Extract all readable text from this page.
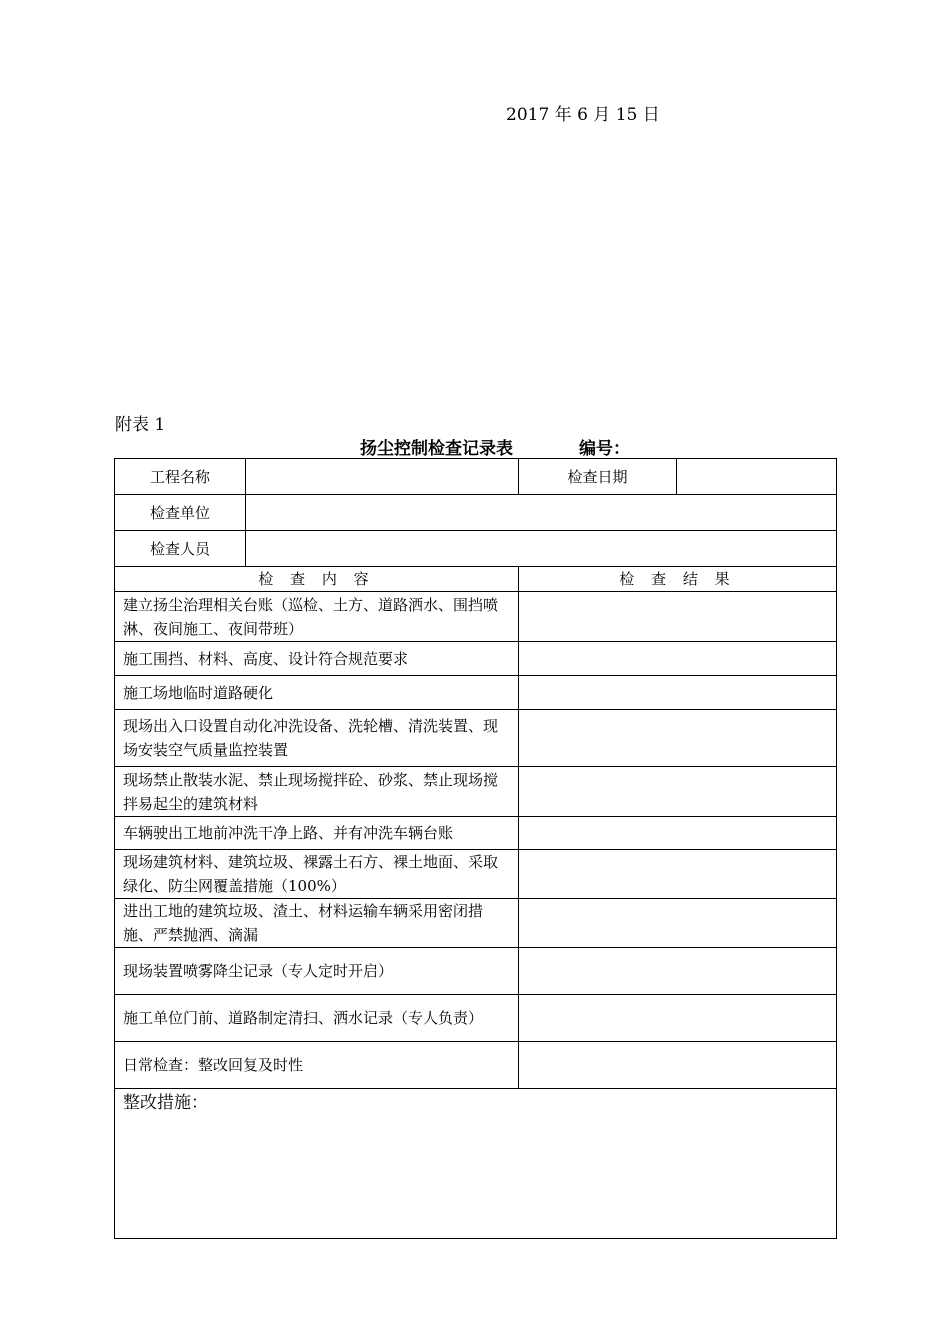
2017 年 6 月 15 日
附表 1
扬尘控制检查记录表	编号：
工程名称		检查日期	
检查单位			
检查人员			
检 查 内 容		检 查 结 果	
建立扬尘治理相关台账（巡检、土方、道路洒水、围挡喷淋、夜间施工、夜间带班）			
施工围挡、材料、高度、设计符合规范要求			
施工场地临时道路硬化			
现场出入口设置自动化冲洗设备、洗轮槽、清洗装置、现场安装空气质量监控装置			
现场禁止散装水泥、禁止现场搅拌砼、砂浆、禁止现场搅拌易起尘的建筑材料			
车辆驶出工地前冲洗干净上路、并有冲洗车辆台账			
现场建筑材料、建筑垃圾、裸露土石方、裸土地面、采取绿化、防尘网覆盖措施（100%）			
进出工地的建筑垃圾、渣土、材料运输车辆采用密闭措施、严禁抛洒、滴漏			
现场装置喷雾降尘记录（专人定时开启）			
施工单位门前、道路制定清扫、洒水记录（专人负责）			
日常检查：整改回复及时性			
整改措施：			
